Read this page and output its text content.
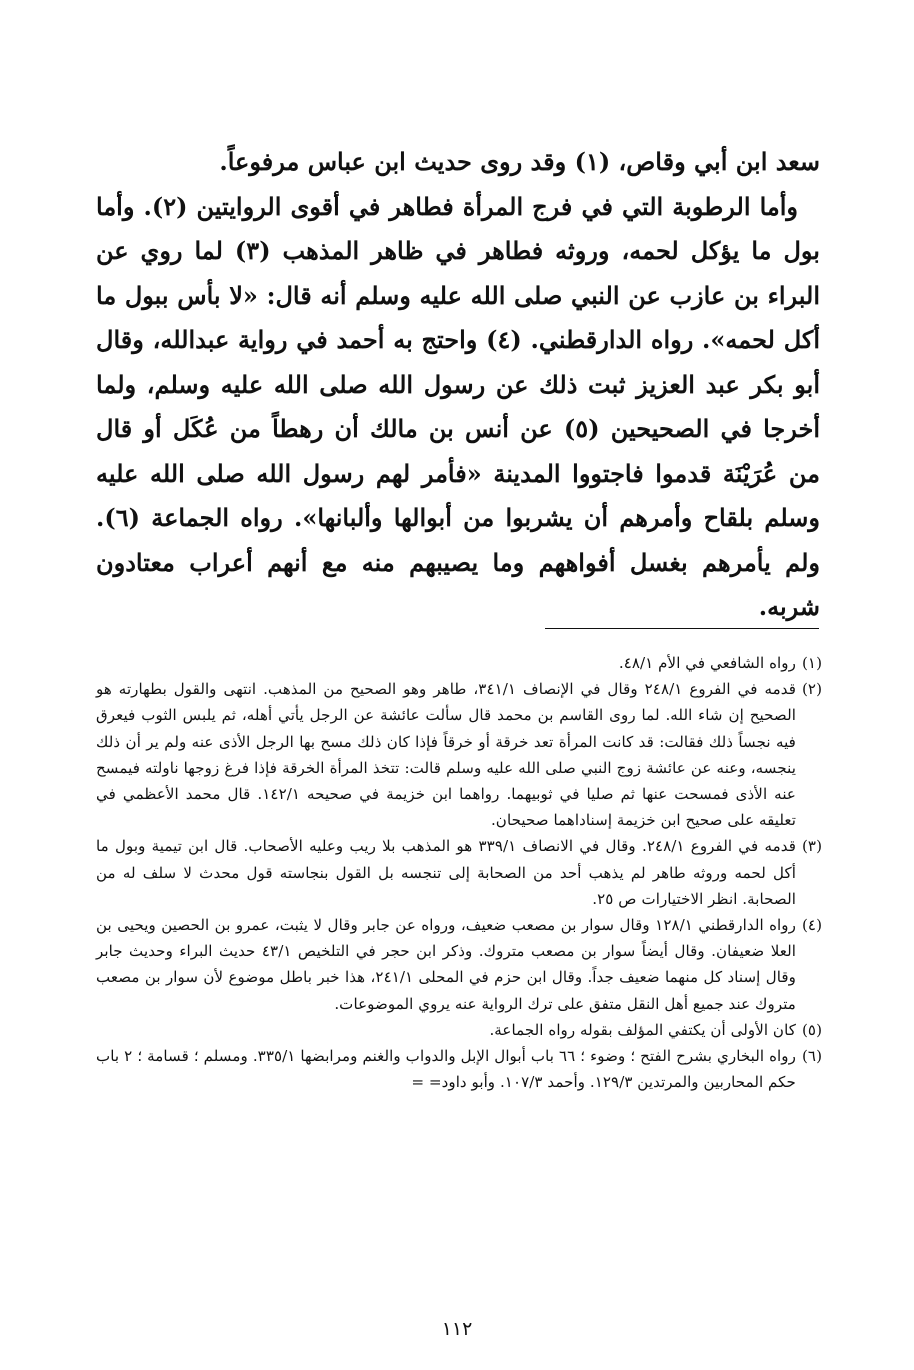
سعد ابن أبي وقاص، (١) وقد روى حديث ابن عباس مرفوعاً.

وأما الرطوبة التي في فرج المرأة فطاهر في أقوى الروايتين (٢). وأما بول ما يؤكل لحمه، وروثه فطاهر في ظاهر المذهب (٣) لما روي عن البراء بن عازب عن النبي صلى الله عليه وسلم أنه قال: «لا بأس ببول ما أكل لحمه». رواه الدارقطني. (٤) واحتج به أحمد في رواية عبدالله، وقال أبو بكر عبد العزيز ثبت ذلك عن رسول الله صلى الله عليه وسلم، ولما أخرجا في الصحيحين (٥) عن أنس بن مالك أن رهطاً من عُكَل أو قال من عُرَيْنَة قدموا فاجتووا المدينة «فأمر لهم رسول الله صلى الله عليه وسلم بلقاح وأمرهم أن يشربوا من أبوالها وألبانها». رواه الجماعة (٦). ولم يأمرهم بغسل أفواههم وما يصيبهم منه مع أنهم أعراب معتادون شربه.

(١)
رواه الشافعي في الأم ٤٨/١.
(٢)
قدمه في الفروع ٢٤٨/١ وقال في الإنصاف ٣٤١/١، طاهر وهو الصحيح من المذهب. انتهى والقول بطهارته هو الصحيح إن شاء الله. لما روى القاسم بن محمد قال سألت عائشة عن الرجل يأتي أهله، ثم يلبس الثوب فيعرق فيه نجساً ذلك فقالت: قد كانت المرأة تعد خرقة أو خرقاً فإذا كان ذلك مسح بها الرجل الأذى عنه ولم ير أن ذلك ينجسه، وعنه عن عائشة زوج النبي صلى الله عليه وسلم قالت: تتخذ المرأة الخرقة فإذا فرغ زوجها ناولته فيمسح عنه الأذى فمسحت عنها ثم صليا في ثوبيهما. رواهما ابن خزيمة في صحيحه ١٤٢/١. قال محمد الأعظمي في تعليقه على صحيح ابن خزيمة إسناداهما صحيحان.
(٣)
قدمه في الفروع ٢٤٨/١. وقال في الانصاف ٣٣٩/١ هو المذهب بلا ريب وعليه الأصحاب. قال ابن تيمية وبول ما أكل لحمه وروثه طاهر لم يذهب أحد من الصحابة إلى تنجسه بل القول بنجاسته قول محدث لا سلف له من الصحابة. انظر الاختيارات ص ٢٥.
(٤)
رواه الدارقطني ١٢٨/١ وقال سوار بن مصعب ضعيف، ورواه عن جابر وقال لا يثبت، عمرو بن الحصين ويحيى بن العلا ضعيفان. وقال أيضاً سوار بن مصعب متروك. وذكر ابن حجر في التلخيص ٤٣/١ حديث البراء وحديث جابر وقال إسناد كل منهما ضعيف جداً. وقال ابن حزم في المحلى ٢٤١/١، هذا خبر باطل موضوع لأن سوار بن مصعب متروك عند جميع أهل النقل متفق على ترك الرواية عنه يروي الموضوعات.
(٥)
كان الأولى أن يكتفي المؤلف بقوله رواه الجماعة.
(٦)
رواه البخاري بشرح الفتح ؛ وضوء ؛ ٦٦ باب أبوال الإبل والدواب والغنم ومرابضها ٣٣٥/١. ومسلم ؛ قسامة ؛ ٢ باب حكم المحاربين والمرتدين ١٢٩/٣. وأحمد ١٠٧/٣. وأبو داود= =
١١٢
